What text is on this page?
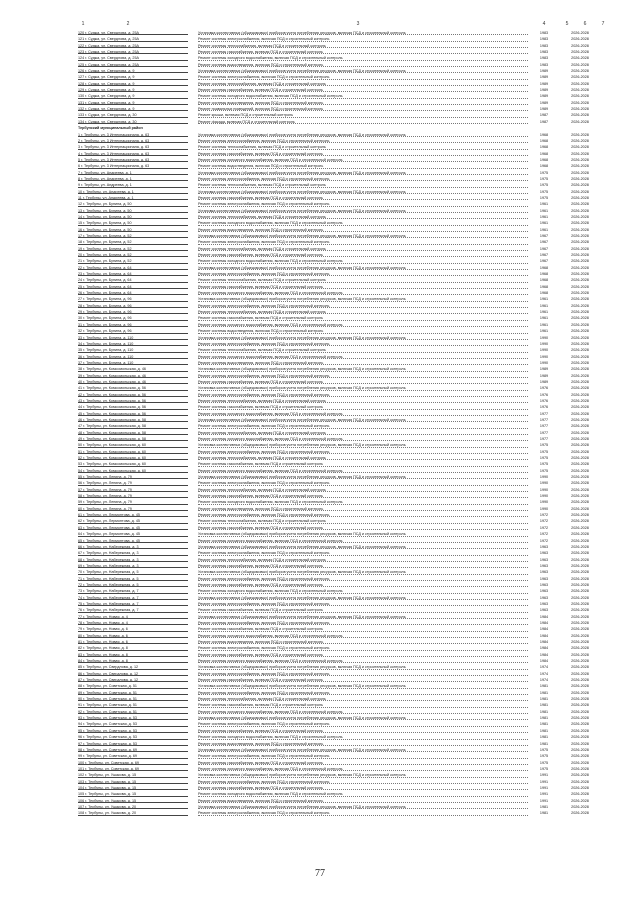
1	2	3	4	5	6	7
120 г. Суджа, ул. Свердлова, д. 25А	Установка коллективных (общедомовых) приборов учета потребления ресурсов, включая ПСД и строительный контроль	1983	2026-2028
121 г. Суджа, ул. Свердлова, д. 25А	Ремонт системы электроснабжения, включая ПСД и строительный контроль	1983	2026-2028
122 г. Суджа, ул. Свердлова, д. 25А	Ремонт системы теплоснабжения, включая ПСД и строительный контроль	1983	2026-2028
123 г. Суджа, ул. Свердлова, д. 25А	Ремонт системы газоснабжения, включая ПСД и строительный контроль	1983	2026-2028
124 г. Суджа, ул. Свердлова, д. 25А	Ремонт системы холодного водоснабжения, включая ПСД и строительный контроль	1983	2026-2028
125 г. Суджа, ул. Свердлова, д. 25А	Ремонт системы водоотведения, включая ПСД и строительный контроль	1983	2026-2028
126 г. Суджа, ул. Свердлова, д. 9	Установка коллективных (общедомовых) приборов учета потребления ресурсов, включая ПСД и строительный контроль	1989	2026-2028
127 г. Суджа, ул. Свердлова, д. 9	Ремонт системы электроснабжения, включая ПСД и строительный контроль	1989	2026-2028
128 г. Суджа, ул. Свердлова, д. 9	Ремонт системы теплоснабжения, включая ПСД и строительный контроль	1989	2026-2028
129 г. Суджа, ул. Свердлова, д. 9	Ремонт системы газоснабжения, включая ПСД и строительный контроль	1989	2026-2028
130 г. Суджа, ул. Свердлова, д. 9	Ремонт системы холодного водоснабжения, включая ПСД и строительный контроль	1989	2026-2028
131 г. Суджа, ул. Свердлова, д. 9	Ремонт системы водоотведения, включая ПСД и строительный контроль	1989	2026-2028
132 г. Суджа, ул. Свердлова, д. 9	Ремонт подвальных помещений, включая ПСД и строительный контроль	1989	2026-2028
133 г. Суджа, ул. Свердлова, д. 30	Ремонт крыши, включая ПСД и строительный контроль	1987	2026-2028
134 г. Суджа, ул. Свердлова, д. 30	Ремонт фасада, включая ПСД и строительный контроль	1987	2026-2028
Тербунский муниципальный район
1 г. Тербуны, ул. 3 Интернационала, д. 63	Установка коллективных (общедомовых) приборов учета потребления ресурсов, включая ПСД и строительный контроль	1968	2026-2028
2 г. Тербуны, ул. 3 Интернационала, д. 63	Ремонт системы электроснабжения, включая ПСД и строительный контроль	1968	2026-2028
3 г. Тербуны, ул. 3 Интернационала, д. 63	Ремонт системы теплоснабжения, включая ПСД и строительный контроль	1968	2026-2028
4 г. Тербуны, ул. 3 Интернационала, д. 63	Ремонт системы газоснабжения, включая ПСД и строительный контроль	1968	2026-2028
5 г. Тербуны, ул. 3 Интернационала, д. 63	Ремонт системы холодного водоснабжения, включая ПСД и строительный контроль	1968	2026-2028
6 г. Тербуны, ул. 3 Интернационала, д. 63	Ремонт системы водоотведения, включая ПСД и строительный контроль	1968	2026-2028
7 г. Тербуны, ул. Андреева, д. 1	Установка коллективных (общедомовых) приборов учета потребления ресурсов, включая ПСД и строительный контроль	1975	2026-2028
8 г. Тербуны, ул. Андреева, д. 1	Ремонт системы электроснабжения, включая ПСД и строительный контроль	1975	2026-2028
9 г. Тербуны, ул. Андреева, д. 1	Ремонт системы теплоснабжения, включая ПСД и строительный контроль	1975	2026-2028
10 г. Тербуны, ул. Андреева, д. 1	Установка коллективных (общедомовых) приборов учета потребления ресурсов, включая ПСД и строительный контроль	1975	2026-2028
11 г. Тербуны, ул. Андреева, д. 1	Ремонт системы газоснабжения, включая ПСД и строительный контроль	1975	2026-2028
12 г. Тербуны, ул. Бунина, д. 50	Ремонт системы электроснабжения, включая ПСД и строительный контроль	1961	2026-2028
13 г. Тербуны, ул. Бунина, д. 50	Установка коллективных (общедомовых) приборов учета потребления ресурсов, включая ПСД и строительный контроль	1961	2026-2028
14 г. Тербуны, ул. Бунина, д. 50	Ремонт системы теплоснабжения, включая ПСД и строительный контроль	1961	2026-2028
15 г. Тербуны, ул. Бунина, д. 50	Ремонт системы холодного водоснабжения, включая ПСД и строительный контроль	1961	2026-2028
16 г. Тербуны, ул. Бунина, д. 50	Ремонт системы водоотведения, включая ПСД и строительный контроль	1961	2026-2028
17 г. Тербуны, ул. Бунина, д. 52	Установка коллективных (общедомовых) приборов учета потребления ресурсов, включая ПСД и строительный контроль	1967	2026-2028
18 г. Тербуны, ул. Бунина, д. 52	Ремонт системы электроснабжения, включая ПСД и строительный контроль	1967	2026-2028
19 г. Тербуны, ул. Бунина, д. 52	Ремонт системы теплоснабжения, включая ПСД и строительный контроль	1967	2026-2028
20 г. Тербуны, ул. Бунина, д. 52	Ремонт системы газоснабжения, включая ПСД и строительный контроль	1967	2026-2028
21 г. Тербуны, ул. Бунина, д. 52	Ремонт системы холодного водоснабжения, включая ПСД и строительный контроль	1967	2026-2028
22 г. Тербуны, ул. Бунина, д. 64	Установка коллективных (общедомовых) приборов учета потребления ресурсов, включая ПСД и строительный контроль	1968	2026-2028
23 г. Тербуны, ул. Бунина, д. 64	Ремонт системы электроснабжения, включая ПСД и строительный контроль	1968	2026-2028
24 г. Тербуны, ул. Бунина, д. 64	Ремонт системы теплоснабжения, включая ПСД и строительный контроль	1968	2026-2028
25 г. Тербуны, ул. Бунина, д. 64	Ремонт системы газоснабжения, включая ПСД и строительный контроль	1968	2026-2028
26 г. Тербуны, ул. Бунина, д. 64	Ремонт системы холодного водоснабжения, включая ПСД и строительный контроль	1968	2026-2028
27 г. Тербуны, ул. Бунина, д. 96	Установка коллективных (общедомовых) приборов учета потребления ресурсов, включая ПСД и строительный контроль	1961	2026-2028
28 г. Тербуны, ул. Бунина, д. 96	Ремонт системы электроснабжения, включая ПСД и строительный контроль	1961	2026-2028
29 г. Тербуны, ул. Бунина, д. 96	Ремонт системы теплоснабжения, включая ПСД и строительный контроль	1961	2026-2028
30 г. Тербуны, ул. Бунина, д. 96	Ремонт системы газоснабжения, включая ПСД и строительный контроль	1961	2026-2028
31 г. Тербуны, ул. Бунина, д. 96	Ремонт системы холодного водоснабжения, включая ПСД и строительный контроль	1961	2026-2028
32 г. Тербуны, ул. Бунина, д. 96	Ремонт системы водоотведения, включая ПСД и строительный контроль	1961	2026-2028
33 г. Тербуны, ул. Бунина, д. 110	Установка коллективных (общедомовых) приборов учета потребления ресурсов, включая ПСД и строительный контроль	1990	2026-2028
34 г. Тербуны, ул. Бунина, д. 110	Ремонт системы электроснабжения, включая ПСД и строительный контроль	1990	2026-2028
35 г. Тербуны, ул. Бунина, д. 110	Ремонт системы теплоснабжения, включая ПСД и строительный контроль	1990	2026-2028
36 г. Тербуны, ул. Бунина, д. 110	Ремонт системы холодного водоснабжения, включая ПСД и строительный контроль	1990	2026-2028
37 г. Тербуны, ул. Бунина, д. 110	Ремонт системы водоотведения, включая ПСД и строительный контроль	1990	2026-2028
38 г. Тербуны, ул. Комсомольская, д. 46	Установка коллективных (общедомовых) приборов учета потребления ресурсов, включая ПСД и строительный контроль	1989	2026-2028
39 г. Тербуны, ул. Комсомольская, д. 46	Ремонт системы электроснабжения, включая ПСД и строительный контроль	1989	2026-2028
40 г. Тербуны, ул. Комсомольская, д. 46	Ремонт системы газоснабжения, включая ПСД и строительный контроль	1989	2026-2028
41 г. Тербуны, ул. Комсомольская, д. 56	Установка коллективных (общедомовых) приборов учета потребления ресурсов, включая ПСД и строительный контроль	1976	2026-2028
42 г. Тербуны, ул. Комсомольская, д. 56	Ремонт системы электроснабжения, включая ПСД и строительный контроль	1976	2026-2028
43 г. Тербуны, ул. Комсомольская, д. 56	Ремонт системы теплоснабжения, включая ПСД и строительный контроль	1976	2026-2028
44 г. Тербуны, ул. Комсомольская, д. 56	Ремонт системы газоснабжения, включая ПСД и строительный контроль	1976	2026-2028
45 г. Тербуны, ул. Комсомольская, д. 56	Ремонт системы холодного водоснабжения, включая ПСД и строительный контроль	1977	2026-2028
46 г. Тербуны, ул. Комсомольская, д. 58	Установка коллективных (общедомовых) приборов учета потребления ресурсов, включая ПСД и строительный контроль	1977	2026-2028
47 г. Тербуны, ул. Комсомольская, д. 58	Ремонт системы электроснабжения, включая ПСД и строительный контроль	1977	2026-2028
48 г. Тербуны, ул. Комсомольская, д. 58	Ремонт системы теплоснабжения, включая ПСД и строительный контроль	1977	2026-2028
49 г. Тербуны, ул. Комсомольская, д. 58	Ремонт системы холодного водоснабжения, включая ПСД и строительный контроль	1977	2026-2028
50 г. Тербуны, ул. Комсомольская, д. 60	Установка коллективных (общедомовых) приборов учета потребления ресурсов, включая ПСД и строительный контроль	1975	2026-2028
51 г. Тербуны, ул. Комсомольская, д. 60	Ремонт системы электроснабжения, включая ПСД и строительный контроль	1975	2026-2028
52 г. Тербуны, ул. Комсомольская, д. 60	Ремонт системы теплоснабжения, включая ПСД и строительный контроль	1975	2026-2028
53 г. Тербуны, ул. Комсомольская, д. 60	Ремонт системы газоснабжения, включая ПСД и строительный контроль	1975	2026-2028
54 г. Тербуны, ул. Комсомольская, д. 60	Ремонт системы холодного водоснабжения, включая ПСД и строительный контроль	1975	2026-2028
55 г. Тербуны, ул. Ленина, д. 79	Установка коллективных (общедомовых) приборов учета потребления ресурсов, включая ПСД и строительный контроль	1990	2026-2028
56 г. Тербуны, ул. Ленина, д. 79	Ремонт системы электроснабжения, включая ПСД и строительный контроль	1990	2026-2028
57 г. Тербуны, ул. Ленина, д. 79	Ремонт системы теплоснабжения, включая ПСД и строительный контроль	1990	2026-2028
58 г. Тербуны, ул. Ленина, д. 79	Ремонт системы газоснабжения, включая ПСД и строительный контроль	1990	2026-2028
59 г. Тербуны, ул. Ленина, д. 79	Ремонт системы холодного водоснабжения, включая ПСД и строительный контроль	1990	2026-2028
60 г. Тербуны, ул. Ленина, д. 79	Ремонт системы водоотведения, включая ПСД и строительный контроль	1990	2026-2028
61 г. Тербуны, ул. Лермонтова, д. 45	Ремонт системы электроснабжения, включая ПСД и строительный контроль	1972	2026-2028
62 г. Тербуны, ул. Лермонтова, д. 45	Ремонт системы теплоснабжения, включая ПСД и строительный контроль	1972	2026-2028
63 г. Тербуны, ул. Лермонтова, д. 45	Ремонт системы газоснабжения, включая ПСД и строительный контроль	1972	2026-2028
64 г. Тербуны, ул. Лермонтова, д. 45	Установка коллективных (общедомовых) приборов учета потребления ресурсов, включая ПСД и строительный контроль	1972	2026-2028
65 г. Тербуны, ул. Лермонтова, д. 45	Ремонт системы холодного водоснабжения, включая ПСД и строительный контроль	1972	2026-2028
66 г. Тербуны, ул. Набережная, д. 3	Установка коллективных (общедомовых) приборов учета потребления ресурсов, включая ПСД и строительный контроль	1963	2026-2028
67 г. Тербуны, ул. Набережная, д. 3	Ремонт системы электроснабжения, включая ПСД и строительный контроль	1963	2026-2028
68 г. Тербуны, ул. Набережная, д. 3	Ремонт системы теплоснабжения, включая ПСД и строительный контроль	1963	2026-2028
69 г. Тербуны, ул. Набережная, д. 3	Ремонт системы газоснабжения, включая ПСД и строительный контроль	1963	2026-2028
70 г. Тербуны, ул. Набережная, д. 5	Установка коллективных (общедомовых) приборов учета потребления ресурсов, включая ПСД и строительный контроль	1963	2026-2028
71 г. Тербуны, ул. Набережная, д. 5	Ремонт системы электроснабжения, включая ПСД и строительный контроль	1963	2026-2028
72 г. Тербуны, ул. Набережная, д. 5	Ремонт системы газоснабжения, включая ПСД и строительный контроль	1963	2026-2028
73 г. Тербуны, ул. Набережная, д. 7	Ремонт системы холодного водоснабжения, включая ПСД и строительный контроль	1963	2026-2028
74 г. Тербуны, ул. Набережная, д. 7	Установка коллективных (общедомовых) приборов учета потребления ресурсов, включая ПСД и строительный контроль	1963	2026-2028
75 г. Тербуны, ул. Набережная, д. 7	Ремонт системы электроснабжения, включая ПСД и строительный контроль	1963	2026-2028
76 г. Тербуны, ул. Набережная, д. 7	Ремонт системы газоснабжения, включая ПСД и строительный контроль	1963	2026-2028
77 г. Тербуны, ул. Новая, д. 4	Установка коллективных (общедомовых) приборов учета потребления ресурсов, включая ПСД и строительный контроль	1984	2026-2028
78 г. Тербуны, ул. Новая, д. 4	Ремонт системы электроснабжения, включая ПСД и строительный контроль	1984	2026-2028
79 г. Тербуны, ул. Новая, д. 6	Ремонт системы газоснабжения, включая ПСД и строительный контроль	1984	2026-2028
80 г. Тербуны, ул. Новая, д. 6	Ремонт системы холодного водоснабжения, включая ПСД и строительный контроль	1984	2026-2028
81 г. Тербуны, ул. Новая, д. 6	Ремонт системы водоотведения, включая ПСД и строительный контроль	1984	2026-2028
82 г. Тербуны, ул. Новая, д. 8	Ремонт системы электроснабжения, включая ПСД и строительный контроль	1984	2026-2028
83 г. Тербуны, ул. Новая, д. 8	Ремонт системы газоснабжения, включая ПСД и строительный контроль	1984	2026-2028
84 г. Тербуны, ул. Новая, д. 8	Ремонт системы холодного водоснабжения, включая ПСД и строительный контроль	1984	2026-2028
85 г. Тербуны, ул. Свердлова, д. 12	Установка коллективных (общедомовых) приборов учета потребления ресурсов, включая ПСД и строительный контроль	1974	2026-2028
86 г. Тербуны, ул. Свердлова, д. 12	Ремонт системы электроснабжения, включая ПСД и строительный контроль	1974	2026-2028
87 г. Тербуны, ул. Свердлова, д. 12	Ремонт системы газоснабжения, включая ПСД и строительный контроль	1974	2026-2028
88 г. Тербуны, ул. Советская, д. 51	Установка коллективных (общедомовых) приборов учета потребления ресурсов, включая ПСД и строительный контроль	1981	2026-2028
89 г. Тербуны, ул. Советская, д. 51	Ремонт системы электроснабжения, включая ПСД и строительный контроль	1981	2026-2028
90 г. Тербуны, ул. Советская, д. 51	Ремонт системы теплоснабжения, включая ПСД и строительный контроль	1981	2026-2028
91 г. Тербуны, ул. Советская, д. 51	Ремонт системы газоснабжения, включая ПСД и строительный контроль	1981	2026-2028
92 г. Тербуны, ул. Советская, д. 51	Ремонт системы холодного водоснабжения, включая ПСД и строительный контроль	1981	2026-2028
93 г. Тербуны, ул. Советская, д. 53	Установка коллективных (общедомовых) приборов учета потребления ресурсов, включая ПСД и строительный контроль	1981	2026-2028
94 г. Тербуны, ул. Советская, д. 53	Ремонт системы электроснабжения, включая ПСД и строительный контроль	1981	2026-2028
95 г. Тербуны, ул. Советская, д. 53	Ремонт системы газоснабжения, включая ПСД и строительный контроль	1981	2026-2028
96 г. Тербуны, ул. Советская, д. 53	Ремонт системы холодного водоснабжения, включая ПСД и строительный контроль	1981	2026-2028
97 г. Тербуны, ул. Советская, д. 53	Ремонт системы водоотведения, включая ПСД и строительный контроль	1981	2026-2028
98 г. Тербуны, ул. Советская, д. 69	Установка коллективных (общедомовых) приборов учета потребления ресурсов, включая ПСД и строительный контроль	1975	2026-2028
99 г. Тербуны, ул. Советская, д. 69	Ремонт системы электроснабжения, включая ПСД и строительный контроль	1975	2026-2028
100 г. Тербуны, ул. Советская, д. 69	Ремонт системы газоснабжения, включая ПСД и строительный контроль	1975	2026-2028
101 г. Тербуны, ул. Советская, д. 69	Ремонт системы холодного водоснабжения, включая ПСД и строительный контроль	1975	2026-2028
102 г. Тербуны, ул. Ушакова, д. 15	Установка коллективных (общедомовых) приборов учета потребления ресурсов, включая ПСД и строительный контроль	1991	2026-2028
103 г. Тербуны, ул. Ушакова, д. 15	Ремонт системы электроснабжения, включая ПСД и строительный контроль	1991	2026-2028
104 г. Тербуны, ул. Ушакова, д. 15	Ремонт системы газоснабжения, включая ПСД и строительный контроль	1991	2026-2028
105 г. Тербуны, ул. Ушакова, д. 15	Ремонт системы холодного водоснабжения, включая ПСД и строительный контроль	1991	2026-2028
106 г. Тербуны, ул. Ушакова, д. 15	Ремонт системы водоотведения, включая ПСД и строительный контроль	1991	2026-2028
107 г. Тербуны, ул. Ушакова, д. 20	Установка коллективных (общедомовых) приборов учета потребления ресурсов, включая ПСД и строительный контроль	1981	2026-2028
108 г. Тербуны, ул. Ушакова, д. 20	Ремонт системы электроснабжения, включая ПСД и строительный контроль	1981	2026-2028
77
